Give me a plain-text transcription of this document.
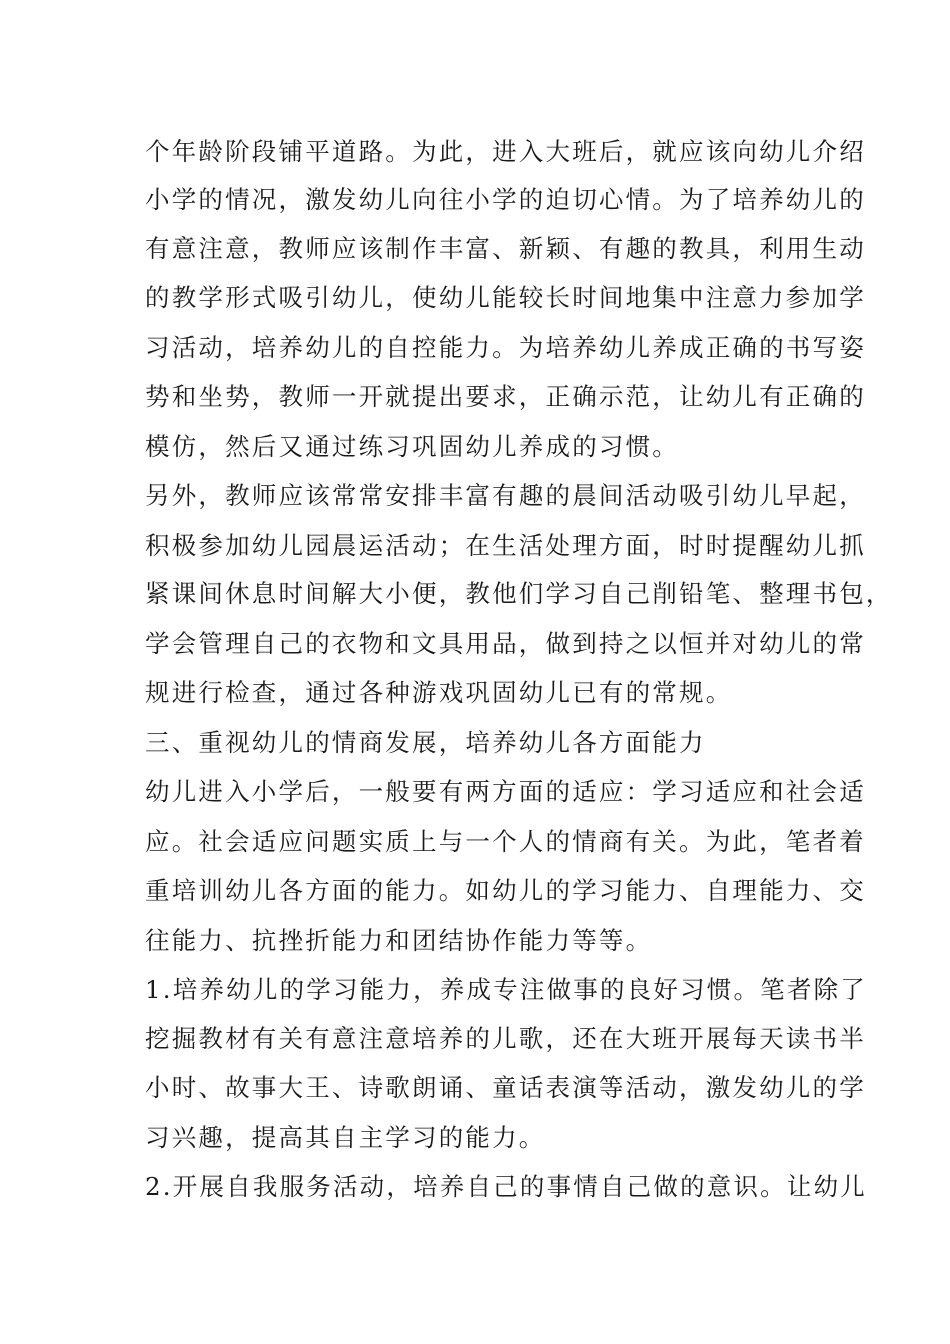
个年龄阶段铺平道路。为此，进入大班后，就应该向幼儿介绍
小学的情况，激发幼儿向往小学的迫切心情。为了培养幼儿的
有意注意，教师应该制作丰富、新颖、有趣的教具，利用生动
的教学形式吸引幼儿，使幼儿能较长时间地集中注意力参加学
习活动，培养幼儿的自控能力。为培养幼儿养成正确的书写姿
势和坐势，教师一开就提出要求，正确示范，让幼儿有正确的
模仿，然后又通过练习巩固幼儿养成的习惯。
另外，教师应该常常安排丰富有趣的晨间活动吸引幼儿早起，
积极参加幼儿园晨运活动；在生活处理方面，时时提醒幼儿抓
紧课间休息时间解大小便，教他们学习自己削铅笔、整理书包，
学会管理自己的衣物和文具用品，做到持之以恒并对幼儿的常
规进行检查，通过各种游戏巩固幼儿已有的常规。
三、重视幼儿的情商发展，培养幼儿各方面能力
幼儿进入小学后，一般要有两方面的适应：学习适应和社会适
应。社会适应问题实质上与一个人的情商有关。为此，笔者着
重培训幼儿各方面的能力。如幼儿的学习能力、自理能力、交
往能力、抗挫折能力和团结协作能力等等。
1.培养幼儿的学习能力，养成专注做事的良好习惯。笔者除了
挖掘教材有关有意注意培养的儿歌，还在大班开展每天读书半
小时、故事大王、诗歌朗诵、童话表演等活动，激发幼儿的学
习兴趣，提高其自主学习的能力。
2.开展自我服务活动，培养自己的事情自己做的意识。让幼儿
